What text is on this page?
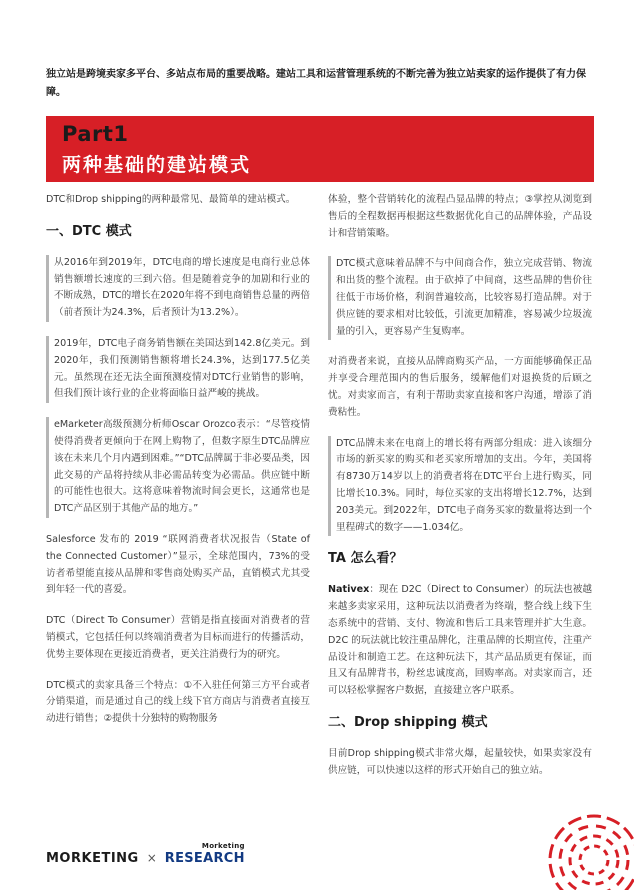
独立站是跨境卖家多平台、多站点布局的重要战略。建站工具和运营管理系统的不断完善为独立站卖家的运作提供了有力保障。
Part1
两种基础的建站模式

DTC和Drop shipping的两种最常见、最简单的建站模式。

一、DTC 模式

从2016年到2019年，DTC电商的增长速度是电商行业总体销售额增长速度的三到六倍。但是随着竞争的加剧和行业的不断成熟，DTC的增长在2020年将不到电商销售总量的两倍（前者预计为24.3%，后者预计为13.2%）。

2019年，DTC电子商务销售额在美国达到142.8亿美元。到2020年，我们预测销售额将增长24.3%，达到177.5亿美元。虽然现在还无法全面预测疫情对DTC行业销售的影响，但我们预计该行业的企业将面临日益严峻的挑战。

eMarketer高级预测分析师Oscar Orozco表示：“尽管疫情使得消费者更倾向于在网上购物了，但数字原生DTC品牌应该在未来几个月内遇到困难。”“DTC品牌属于非必要品类，因此交易的产品将持续从非必需品转变为必需品。供应链中断的可能性也很大。这将意味着物流时间会更长，这通常也是DTC产品区别于其他产品的地方。”

Salesforce 发布的 2019 “联网消费者状况报告（State of the Connected Customer）”显示，全球范围内，73%的受访者希望能直接从品牌和零售商处购买产品，直销模式尤其受到年轻一代的喜爱。

DTC（Direct To Consumer）营销是指直接面对消费者的营销模式，它包括任何以终端消费者为目标而进行的传播活动，优势主要体现在更接近消费者，更关注消费行为的研究。

DTC模式的卖家具备三个特点：①不入驻任何第三方平台或者分销渠道，而是通过自己的线上线下官方商店与消费者直接互动进行销售；②提供十分独特的购物服务

体验，整个营销转化的流程凸显品牌的特点；③掌控从浏览到售后的全程数据再根据这些数据优化自己的品牌体验，产品设计和营销策略。

DTC模式意味着品牌不与中间商合作，独立完成营销、物流和出货的整个流程。由于砍掉了中间商，这些品牌的售价往往低于市场价格，利润普遍较高，比较容易打造品牌。对于供应链的要求相对比较低，引流更加精准，容易减少垃圾流量的引入，更容易产生复购率。

对消费者来说，直接从品牌商购买产品，一方面能够确保正品并享受合理范围内的售后服务，缓解他们对退换货的后顾之忧。对卖家而言，有利于帮助卖家直接和客户沟通，增添了消费粘性。

DTC品牌未来在电商上的增长将有两部分组成：进入该细分市场的新买家的购买和老买家所增加的支出。今年，美国将有8730万14岁以上的消费者将在DTC平台上进行购买，同比增长10.3%。同时，每位买家的支出将增长12.7%，达到203美元。到2022年，DTC电子商务买家的数量将达到一个里程碑式的数字——1.034亿。

TA 怎么看？

Nativex：现在 D2C（Direct to Consumer）的玩法也被越来越多卖家采用，这种玩法以消费者为终端，整合线上线下生态系统中的营销、支付、物流和售后工具来管理并扩大生意。D2C 的玩法就比较注重品牌化，注重品牌的长期宣传，注重产品设计和制造工艺。在这种玩法下，其产品品质更有保证，而且又有品牌背书，粉丝忠诚度高，回购率高。对卖家而言，还可以轻松掌握客户数据，直接建立客户联系。

二、Drop shipping 模式

目前Drop shipping模式非常火爆，起量较快，如果卖家没有供应链，可以快速以这样的形式开始自己的独立站。

MORKETING ×
Morketing
RESEARCH
